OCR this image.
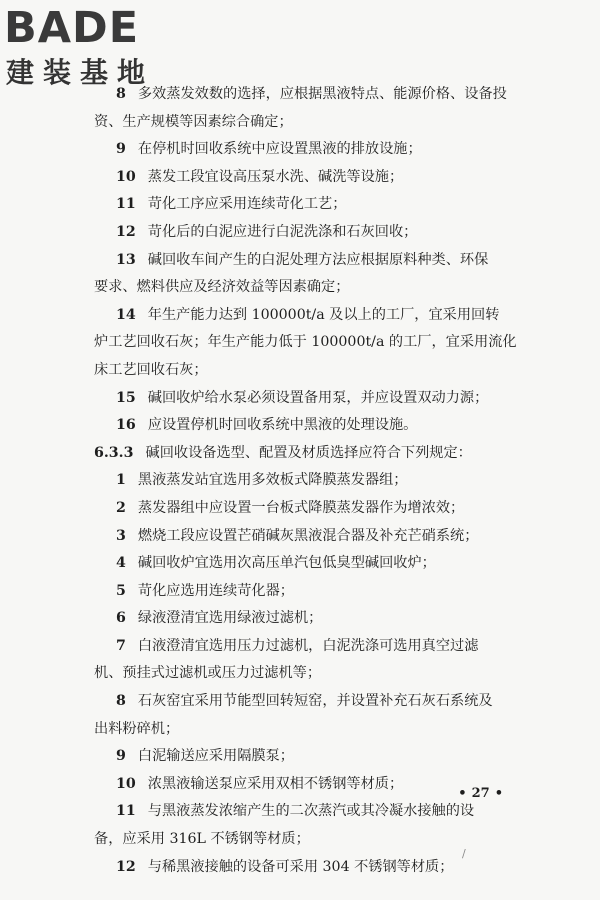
BADE
建装基地
8 多效蒸发效数的选择，应根据黑液特点、能源价格、设备投
资、生产规模等因素综合确定；
9 在停机时回收系统中应设置黑液的排放设施；
10 蒸发工段宜设高压泵水洗、碱洗等设施；
11 苛化工序应采用连续苛化工艺；
12 苛化后的白泥应进行白泥洗涤和石灰回收；
13 碱回收车间产生的白泥处理方法应根据原料种类、环保
要求、燃料供应及经济效益等因素确定；
14 年生产能力达到 100000t/a 及以上的工厂，宜采用回转
炉工艺回收石灰；年生产能力低于 100000t/a 的工厂，宜采用流化
床工艺回收石灰；
15 碱回收炉给水泵必须设置备用泵，并应设置双动力源；
16 应设置停机时回收系统中黑液的处理设施。
6.3.3 碱回收设备选型、配置及材质选择应符合下列规定：
1 黑液蒸发站宜选用多效板式降膜蒸发器组；
2 蒸发器组中应设置一台板式降膜蒸发器作为增浓效；
3 燃烧工段应设置芒硝碱灰黑液混合器及补充芒硝系统；
4 碱回收炉宜选用次高压单汽包低臭型碱回收炉；
5 苛化应选用连续苛化器；
6 绿液澄清宜选用绿液过滤机；
7 白液澄清宜选用压力过滤机，白泥洗涤可选用真空过滤
机、预挂式过滤机或压力过滤机等；
8 石灰窑宜采用节能型回转短窑，并设置补充石灰石系统及
出料粉碎机；
9 白泥输送应采用隔膜泵；
10 浓黑液输送泵应采用双相不锈钢等材质；
11 与黑液蒸发浓缩产生的二次蒸汽或其冷凝水接触的设
备，应采用 316L 不锈钢等材质；
12 与稀黑液接触的设备可采用 304 不锈钢等材质；
• 27 •
/
